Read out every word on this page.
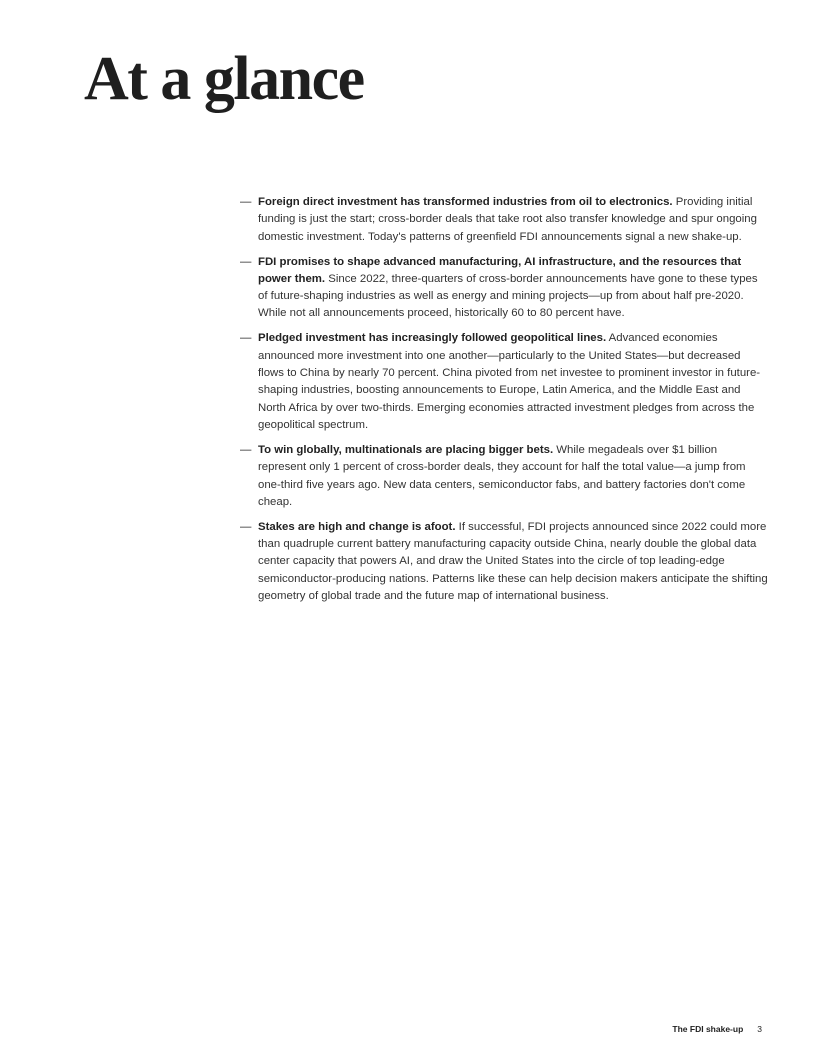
At a glance
— Foreign direct investment has transformed industries from oil to electronics. Providing initial funding is just the start; cross-border deals that take root also transfer knowledge and spur ongoing domestic investment. Today's patterns of greenfield FDI announcements signal a new shake-up.
— FDI promises to shape advanced manufacturing, AI infrastructure, and the resources that power them. Since 2022, three-quarters of cross-border announcements have gone to these types of future-shaping industries as well as energy and mining projects—up from about half pre-2020. While not all announcements proceed, historically 60 to 80 percent have.
— Pledged investment has increasingly followed geopolitical lines. Advanced economies announced more investment into one another—particularly to the United States—but decreased flows to China by nearly 70 percent. China pivoted from net investee to prominent investor in future-shaping industries, boosting announcements to Europe, Latin America, and the Middle East and North Africa by over two-thirds. Emerging economies attracted investment pledges from across the geopolitical spectrum.
— To win globally, multinationals are placing bigger bets. While megadeals over $1 billion represent only 1 percent of cross-border deals, they account for half the total value—a jump from one-third five years ago. New data centers, semiconductor fabs, and battery factories don't come cheap.
— Stakes are high and change is afoot. If successful, FDI projects announced since 2022 could more than quadruple current battery manufacturing capacity outside China, nearly double the global data center capacity that powers AI, and draw the United States into the circle of top leading-edge semiconductor-producing nations. Patterns like these can help decision makers anticipate the shifting geometry of global trade and the future map of international business.
The FDI shake-up 3
